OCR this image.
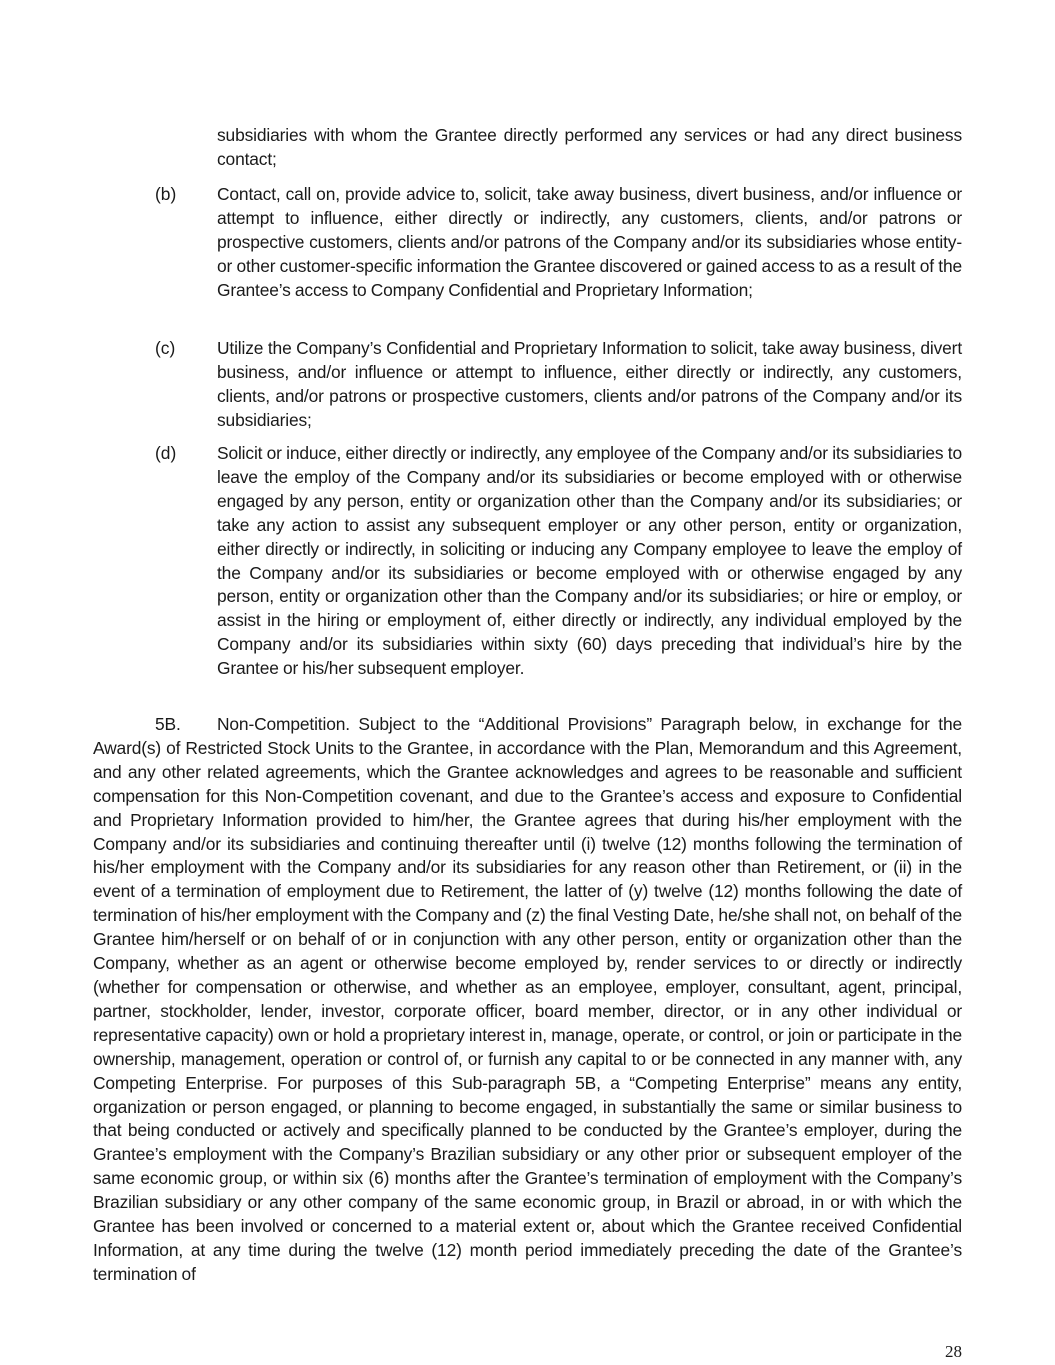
subsidiaries with whom the Grantee directly performed any services or had any direct business contact;
(b) Contact, call on, provide advice to, solicit, take away business, divert business, and/or influence or attempt to influence, either directly or indirectly, any customers, clients, and/or patrons or prospective customers, clients and/or patrons of the Company and/or its subsidiaries whose entity- or other customer-specific information the Grantee discovered or gained access to as a result of the Grantee’s access to Company Confidential and Proprietary Information;
(c) Utilize the Company’s Confidential and Proprietary Information to solicit, take away business, divert business, and/or influence or attempt to influence, either directly or indirectly, any customers, clients, and/or patrons or prospective customers, clients and/or patrons of the Company and/or its subsidiaries;
(d) Solicit or induce, either directly or indirectly, any employee of the Company and/or its subsidiaries to leave the employ of the Company and/or its subsidiaries or become employed with or otherwise engaged by any person, entity or organization other than the Company and/or its subsidiaries; or take any action to assist any subsequent employer or any other person, entity or organization, either directly or indirectly, in soliciting or inducing any Company employee to leave the employ of the Company and/or its subsidiaries or become employed with or otherwise engaged by any person, entity or organization other than the Company and/or its subsidiaries; or hire or employ, or assist in the hiring or employment of, either directly or indirectly, any individual employed by the Company and/or its subsidiaries within sixty (60) days preceding that individual’s hire by the Grantee or his/her subsequent employer.
5B. Non-Competition. Subject to the “Additional Provisions” Paragraph below, in exchange for the Award(s) of Restricted Stock Units to the Grantee, in accordance with the Plan, Memorandum and this Agreement, and any other related agreements, which the Grantee acknowledges and agrees to be reasonable and sufficient compensation for this Non-Competition covenant, and due to the Grantee’s access and exposure to Confidential and Proprietary Information provided to him/her, the Grantee agrees that during his/her employment with the Company and/or its subsidiaries and continuing thereafter until (i) twelve (12) months following the termination of his/her employment with the Company and/or its subsidiaries for any reason other than Retirement, or (ii) in the event of a termination of employment due to Retirement, the latter of (y) twelve (12) months following the date of termination of his/her employment with the Company and (z) the final Vesting Date, he/she shall not, on behalf of the Grantee him/herself or on behalf of or in conjunction with any other person, entity or organization other than the Company, whether as an agent or otherwise become employed by, render services to or directly or indirectly (whether for compensation or otherwise, and whether as an employee, employer, consultant, agent, principal, partner, stockholder, lender, investor, corporate officer, board member, director, or in any other individual or representative capacity) own or hold a proprietary interest in, manage, operate, or control, or join or participate in the ownership, management, operation or control of, or furnish any capital to or be connected in any manner with, any Competing Enterprise. For purposes of this Sub-paragraph 5B, a “Competing Enterprise” means any entity, organization or person engaged, or planning to become engaged, in substantially the same or similar business to that being conducted or actively and specifically planned to be conducted by the Grantee’s employer, during the Grantee’s employment with the Company’s Brazilian subsidiary or any other prior or subsequent employer of the same economic group, or within six (6) months after the Grantee’s termination of employment with the Company’s Brazilian subsidiary or any other company of the same economic group, in Brazil or abroad, in or with which the Grantee has been involved or concerned to a material extent or, about which the Grantee received Confidential Information, at any time during the twelve (12) month period immediately preceding the date of the Grantee’s termination of
28
